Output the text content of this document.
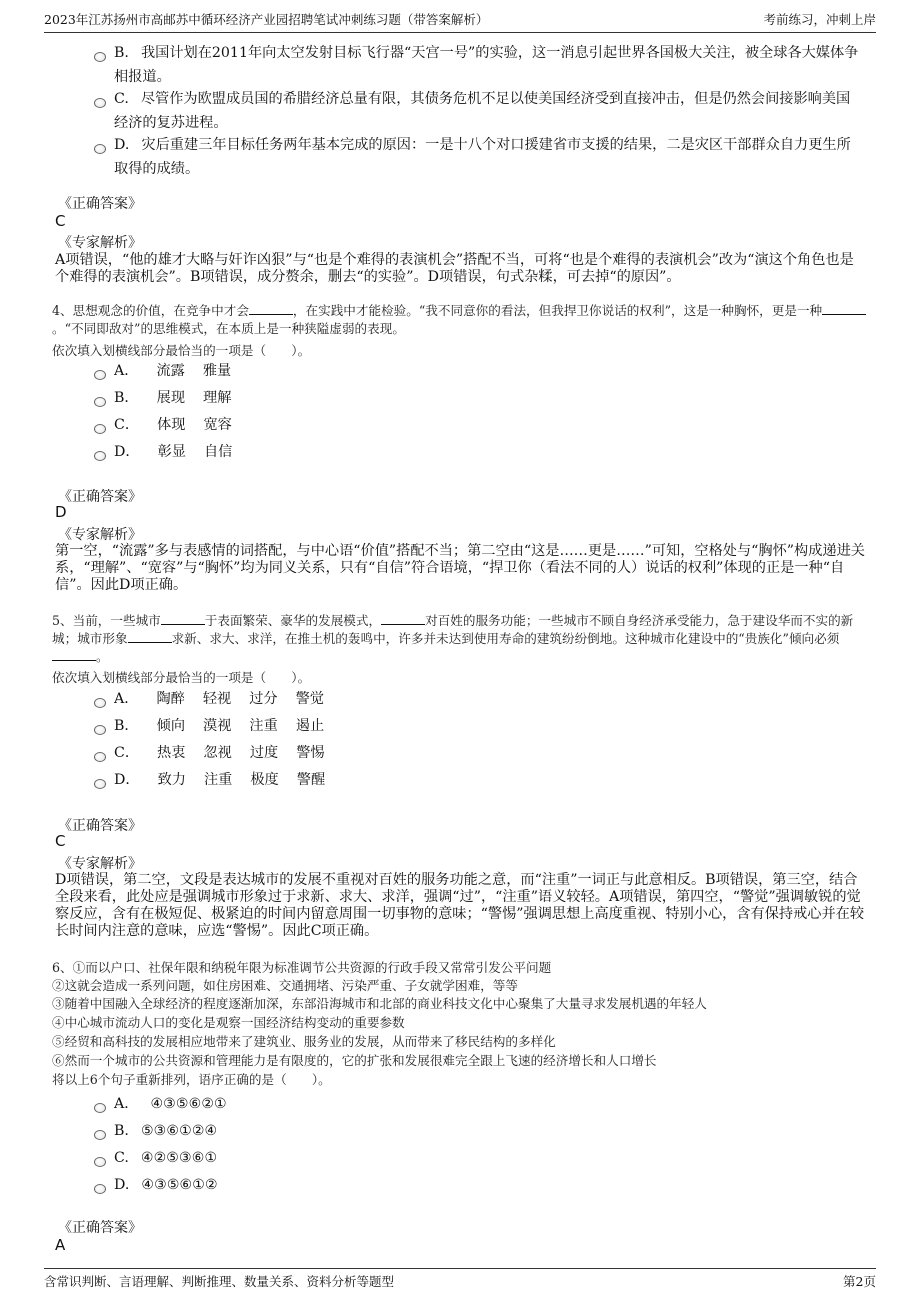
2023年江苏扬州市高邮苏中循环经济产业园招聘笔试冲刺练习题（带答案解析）	考前练习，冲刺上岸
B. 我国计划在2011年向太空发射目标飞行器“天宫一号”的实验，这一消息引起世界各国极大关注，被全球各大媒体争相报道。
C. 尽管作为欧盟成员国的希腊经济总量有限，其债务危机不足以使美国经济受到直接冲击，但是仍然会间接影响美国经济的复苏进程。
D. 灾后重建三年目标任务两年基本完成的原因：一是十八个对口援建省市支援的结果，二是灾区干部群众自力更生所取得的成绩。
《正确答案》
C
《专家解析》
A项错误，“他的雄才大略与奸诈凶狠”与“也是个难得的表演机会”搭配不当，可将“也是个难得的表演机会”改为“演这个角色也是个难得的表演机会”。B项错误，成分赘余，删去“的实验”。D项错误，句式杂糅，可去掉“的原因”。
4、思想观念的价值，在竞争中才会	，在实践中才能检验。“我不同意你的看法，但我捍卫你说话的权利”，这是一种胸怀，更是一种。“不同即敌对”的思维模式，在本质上是一种狭隘虚弱的表现。
依次填入划横线部分最恰当的一项是（　　）。
A． 流露 雅量
B． 展现 理解
C． 体现 宽容
D． 彰显 自信
《正确答案》
D
《专家解析》
第一空，“流露”多与表感情的词搭配，与中心语“价值”搭配不当；第二空由“这是……更是……”可知，空格处与“胸怀”构成递进关系，“理解”、“宽容”与“胸怀”均为同义关系，只有“自信”符合语境，“捍卫你（看法不同的人）说话的权利”体现的正是一种“自信”。因此D项正确。
5、当前，一些城市	于表面繁荣、豪华的发展模式，	对百姓的服务功能；一些城市不顾自身经济承受能力，急于建设华而不实的新城；城市形象	求新、求大、求洋，在推土机的轰鸣中，许多并未达到使用寿命的建筑纷纷倒地。这种城市化建设中的“贵族化”倾向必须。
依次填入划横线部分最恰当的一项是（　　）。
A． 陶醉 轻视 过分 警觉
B． 倾向 漠视 注重 遏止
C． 热衷 忽视 过度 警惕
D． 致力 注重 极度 警醒
《正确答案》
C
《专家解析》
D项错误，第二空，文段是表达城市的发展不重视对百姓的服务功能之意，而“注重”一词正与此意相反。B项错误，第三空，结合全段来看，此处应是强调城市形象过于求新、求大、求洋，强调“过”，“注重”语义较轻。A项错误，第四空，“警觉”强调敏锐的觉察反应，含有在极短促、极紧迫的时间内留意周围一切事物的意味；“警惕”强调思想上高度重视、特别小心，含有保持戒心并在较长时间内注意的意味，应选“警惕”。因此C项正确。
6、①而以户口、社保年限和纳税年限为标准调节公共资源的行政手段又常常引发公平问题
②这就会造成一系列问题，如住房困难、交通拥堵、污染严重、子女就学困难，等等
③随着中国融入全球经济的程度逐渐加深，东部沿海城市和北部的商业科技文化中心聚集了大量寻求发展机遇的年轻人
④中心城市流动人口的变化是观察一国经济结构变动的重要参数
⑤经贸和高科技的发展相应地带来了建筑业、服务业的发展，从而带来了移民结构的多样化
⑥然而一个城市的公共资源和管理能力是有限度的，它的扩张和发展很难完全跟上飞速的经济增长和人口增长
将以上6个句子重新排列，语序正确的是（　　）。
A． ④③⑤⑥②①
B. ⑤③⑥①②④
C. ④②⑤③⑥①
D. ④③⑤⑥①②
《正确答案》
A
含常识判断、言语理解、判断推理、数量关系、资料分析等题型	第2页
